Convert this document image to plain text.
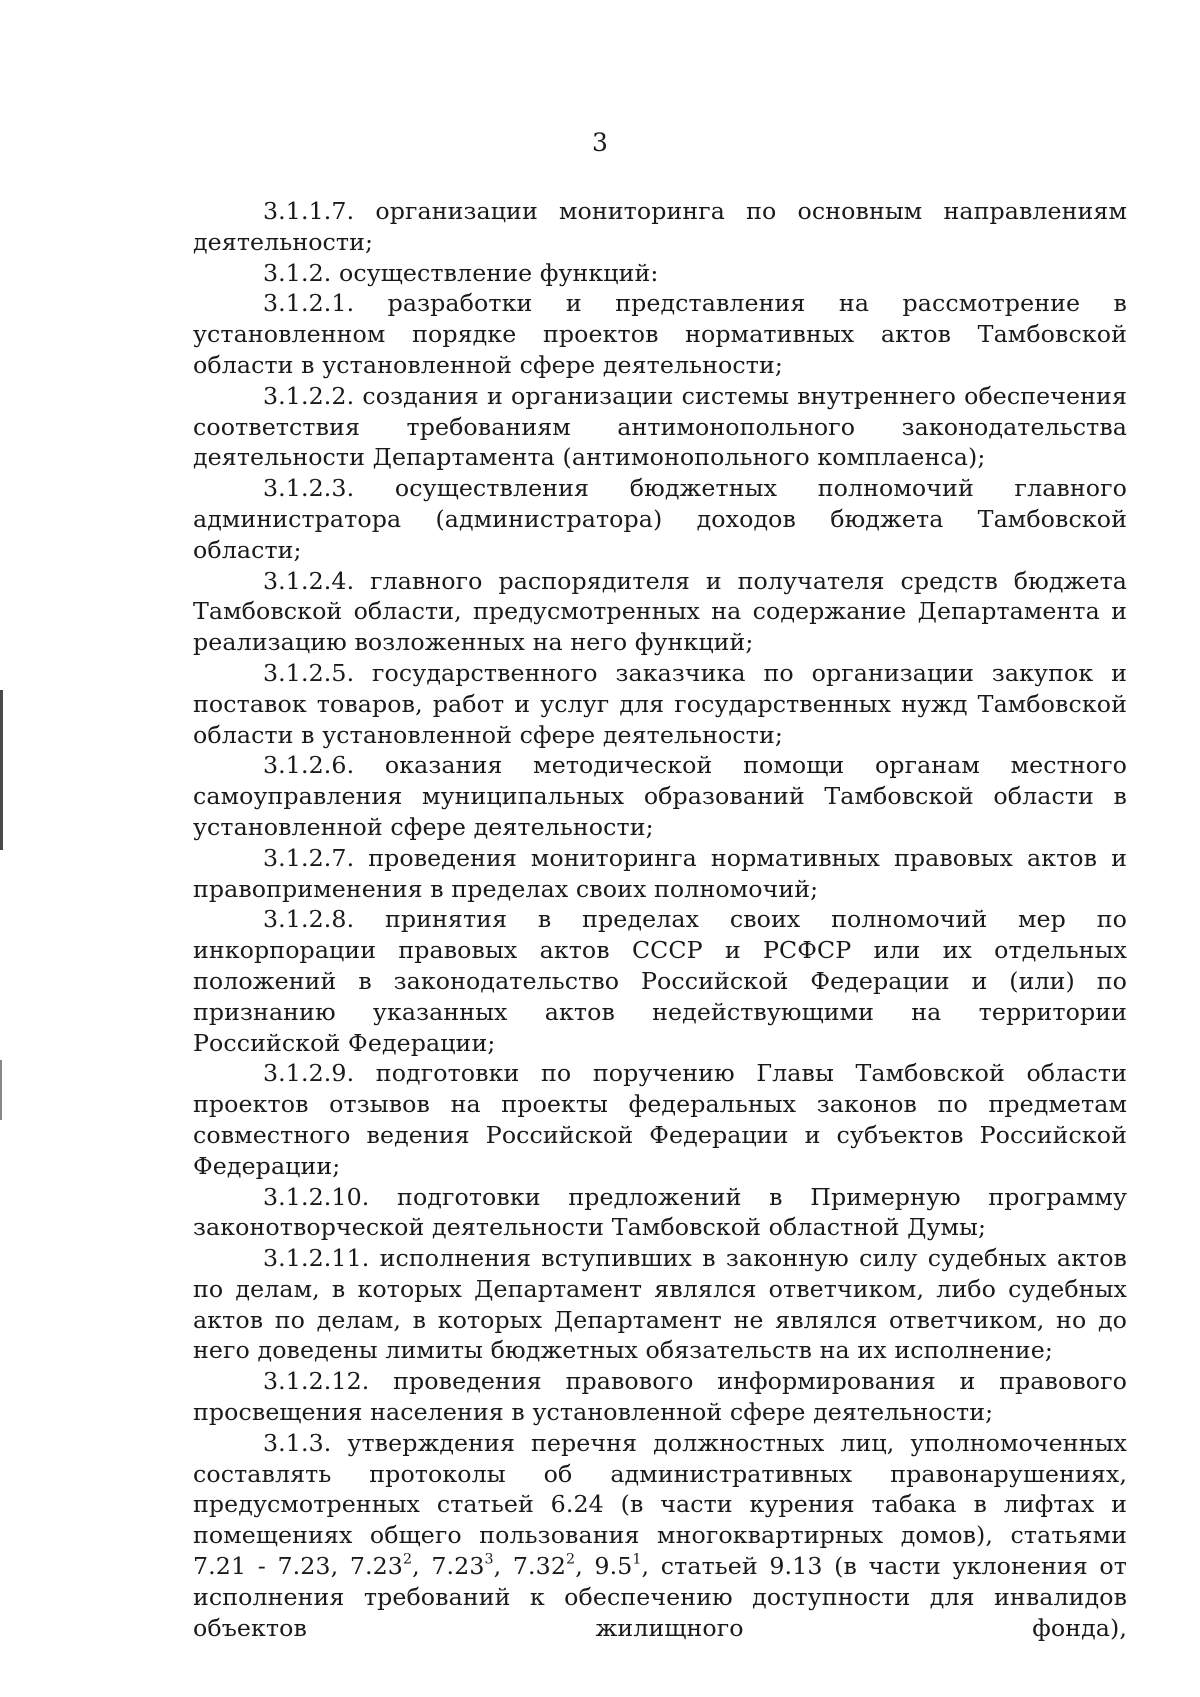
3

3.1.1.7. организации мониторинга по основным направлениям деятельности;

3.1.2. осуществление функций:

3.1.2.1. разработки и представления на рассмотрение в установленном порядке проектов нормативных актов Тамбовской области в установленной сфере деятельности;

3.1.2.2. создания и организации системы внутреннего обеспечения соответствия требованиям антимонопольного законодательства деятельности Департамента (антимонопольного комплаенса);

3.1.2.3. осуществления бюджетных полномочий главного администратора (администратора) доходов бюджета Тамбовской области;

3.1.2.4. главного распорядителя и получателя средств бюджета Тамбовской области, предусмотренных на содержание Департамента и реализацию возложенных на него функций;

3.1.2.5. государственного заказчика по организации закупок и поставок товаров, работ и услуг для государственных нужд Тамбовской области в установленной сфере деятельности;

3.1.2.6. оказания методической помощи органам местного самоуправления муниципальных образований Тамбовской области в установленной сфере деятельности;

3.1.2.7. проведения мониторинга нормативных правовых актов и правоприменения в пределах своих полномочий;

3.1.2.8. принятия в пределах своих полномочий мер по инкорпорации правовых актов СССР и РСФСР или их отдельных положений в законодательство Российской Федерации и (или) по признанию указанных актов недействующими на территории Российской Федерации;

3.1.2.9. подготовки по поручению Главы Тамбовской области проектов отзывов на проекты федеральных законов по предметам совместного ведения Российской Федерации и субъектов Российской Федерации;

3.1.2.10. подготовки предложений в Примерную программу законотворческой деятельности Тамбовской областной Думы;

3.1.2.11. исполнения вступивших в законную силу судебных актов по делам, в которых Департамент являлся ответчиком, либо судебных актов по делам, в которых Департамент не являлся ответчиком, но до него доведены лимиты бюджетных обязательств на их исполнение;

3.1.2.12. проведения правового информирования и правового просвещения населения в установленной сфере деятельности;

3.1.3. утверждения перечня должностных лиц, уполномоченных составлять протоколы об административных правонарушениях, предусмотренных статьей 6.24 (в части курения табака в лифтах и помещениях общего пользования многоквартирных домов), статьями 7.21 - 7.23, 7.23$^2$, 7.23$^3$, 7.32$^2$, $9.5^1$, статьей 9.13 (в части уклонения от исполнения требований к обеспечению доступности для инвалидов объектов жилищного фонда),
